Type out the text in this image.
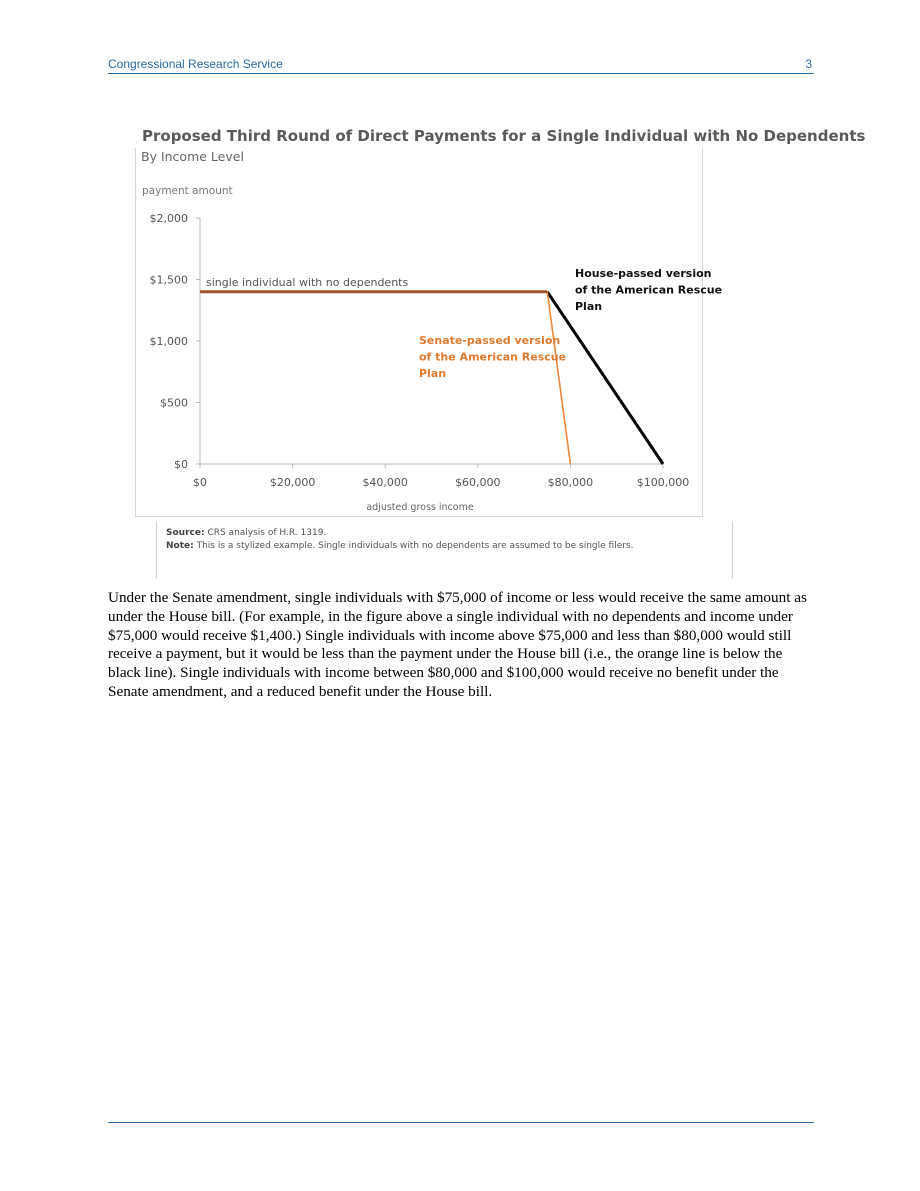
Congressional Research Service	3
Proposed Third Round of Direct Payments for a Single Individual with No Dependents
By Income Level
payment amount
adjusted gross income
$0
$500
$1,000
$1,500
$2,000
$0	$20,000	$40,000	$60,000	$80,000	$100,000
single individual with no dependents
House-passed version of the American Rescue Plan
Senate-passed version of the American Rescue Plan

Source: CRS analysis of H.R. 1319.

Note: This is a stylized example. Single individuals with no dependents are assumed to be single filers.

Under the Senate amendment, single individuals with $75,000 of income or less would receive the same amount as under the House bill. (For example, in the figure above a single individual with no dependents and income under $75,000 would receive $1,400.) Single individuals with income above $75,000 and less than $80,000 would still receive a payment, but it would be less than the payment under the House bill (i.e., the orange line is below the black line). Single individuals with income between $80,000 and $100,000 would receive no benefit under the Senate amendment, and a reduced benefit under the House bill.
